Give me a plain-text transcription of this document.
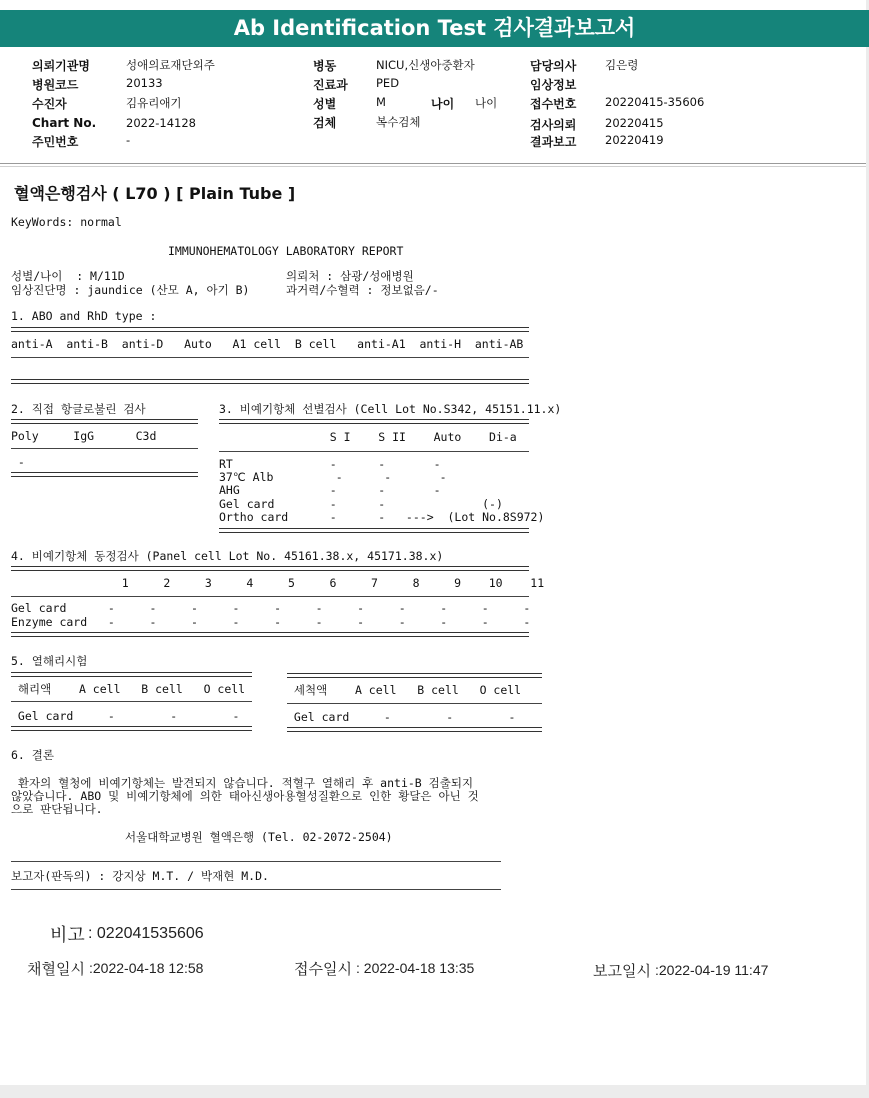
Ab Identification Test 검사결과보고서
의뢰기관명	성애의료재단외주
병원코드	20133
수진자	김유리애기
Chart No.	2022-14128
주민번호	-
병동	NICU,신생아중환자
진료과 PED
성별	M	나이 나이
검체	복수검체
담당의사 김은령
임상정보
접수번호 20220415-35606
검사의뢰 20220415
결과보고 20220419
혈액은행검사 ( L70 ) [ Plain Tube ]
KeyWords: normal
IMMUNOHEMATOLOGY LABORATORY REPORT
성별/나이  : M/11D	의뢰처 : 삼광/성애병원
임상진단명 : jaundice (산모 A, 아기 B)	과거력/수혈력 : 정보없음/-
1. ABO and RhD type :
anti-A  anti-B  anti-D   Auto   A1 cell  B cell   anti-A1  anti-H  anti-AB
2. 직접 항글로불린 검사
Poly     IgG      C3d
-
3. 비예기항체 선별검사 (Cell Lot No.S342, 45151.11.x)
S I    S II    Auto    Di-a
RT              -      -       -
37℃ Alb         -      -       -
AHG             -      -       -
Gel card        -      -              (-)
Ortho card      -      -   --->  (Lot No.8S972)
4. 비예기항체 동정검사 (Panel cell Lot No. 45161.38.x, 45171.38.x)
1     2     3     4     5     6     7     8     9    10    11
Gel card      -     -     -     -     -     -     -     -     -     -     -
Enzyme card   -     -     -     -     -     -     -     -     -     -     -
5. 열해리시험
해리액    A cell   B cell   O cell
Gel card     -        -        -
세척액    A cell   B cell   O cell
Gel card     -        -        -
6. 결론
환자의 혈청에 비예기항체는 발견되지 않습니다. 적혈구 열해리 후 anti-B 검출되지
않았습니다. ABO 및 비예기항체에 의한 태아신생아용혈성질환으로 인한 황달은 아닌 것
으로 판단됩니다.
서울대학교병원 혈액은행 (Tel. 02-2072-2504)
보고자(판독의) : 강지상 M.T. / 박재현 M.D.
비고 : 022041535606
채혈일시 :2022-04-18 12:58	접수일시 : 2022-04-18 13:35	보고일시 :2022-04-19 11:47
